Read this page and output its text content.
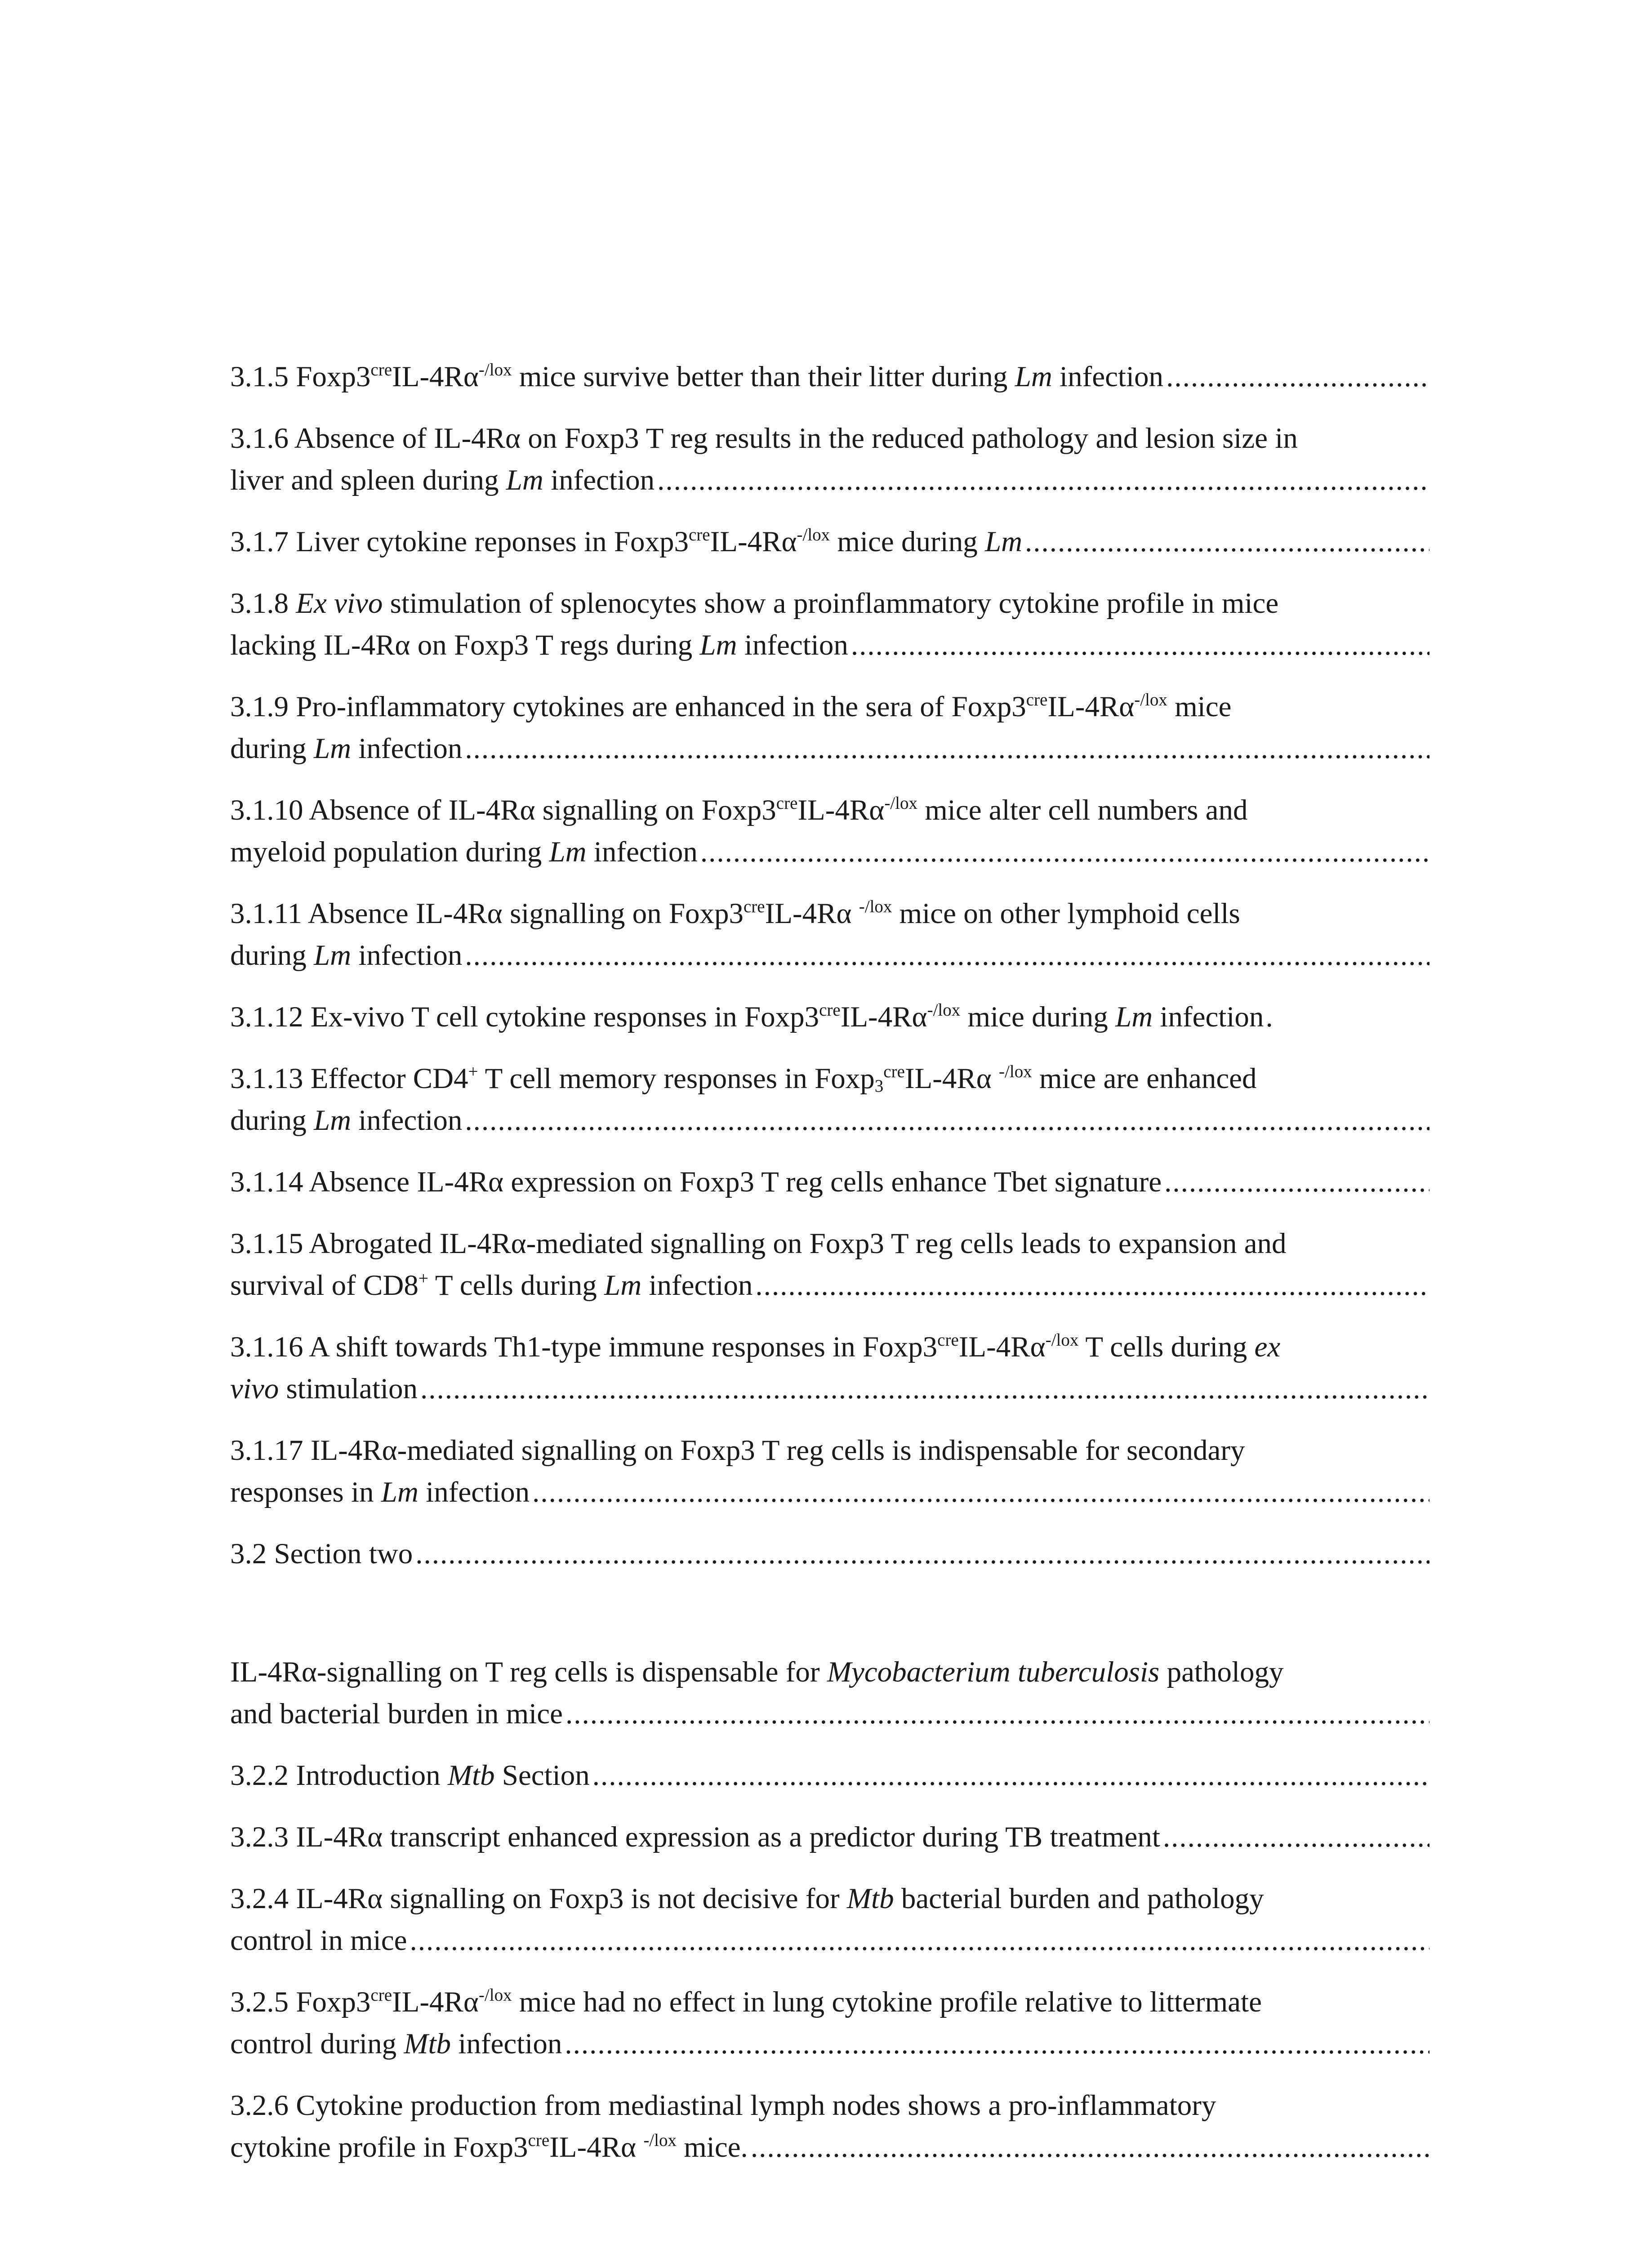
3.1.5 $Foxp3^{cre}IL-4R\alpha^{-/lox}$ mice survive better than their litter during Lm infection
.....
3.1.6 Absence of IL-4Rα on Foxp3 T reg results in the reduced pathology and lesion size in
liver and spleen during Lm infection
.....
3.1.7 Liver cytokine reponses in $Foxp3^{cre}IL-4R\alpha^{-/lox}$ mice during Lm
.....
3.1.8 Ex vivo stimulation of splenocytes show a proinflammatory cytokine profile in mice
lacking IL-4Rα on Foxp3 T regs during Lm infection
.....
3.1.9 Pro-inflammatory cytokines are enhanced in the sera of $Foxp3^{cre}IL-4R\alpha^{-/lox}$ mice
during Lm infection
.....
3.1.10 Absence of IL-4Rα signalling on $Foxp3^{cre}IL-4R\alpha^{-/lox}$ mice alter cell numbers and
myeloid population during Lm infection
.....
3.1.11 Absence IL-4Rα signalling on $Foxp3^{cre}IL-4R\alpha$ $^{-/lox}$ mice on other lymphoid cells
during Lm infection
.....
3.1.12 Ex-vivo T cell cytokine responses in $Foxp3^{cre}IL-4R\alpha^{-/lox}$ mice during Lm infection .
3.1.13 Effector CD4+ T cell memory responses in Foxp$_3^{cre}$IL-4Rα $^{-/lox}$ mice are enhanced
during Lm infection
.....
3.1.14 Absence IL-4Rα expression on Foxp3 T reg cells enhance Tbet signature
.....
3.1.15 Abrogated IL-4Rα-mediated signalling on Foxp3 T reg cells leads to expansion and
survival of CD8+ T cells during Lm infection
.....
3.1.16 A shift towards Th1-type immune responses in $Foxp3^{cre}IL-4R\alpha^{-/lox}$ T cells during ex
vivo stimulation
.....
3.1.17 IL-4Rα-mediated signalling on Foxp3 T reg cells is indispensable for secondary
responses in Lm infection
.....
3.2 Section two
.....
IL-4Rα-signalling on T reg cells is dispensable for Mycobacterium tuberculosis pathology
and bacterial burden in mice
.....
3.2.2 Introduction Mtb Section
.....
3.2.3 IL-4Rα transcript enhanced expression as a predictor during TB treatment
.....
3.2.4 IL-4Rα signalling on Foxp3 is not decisive for Mtb bacterial burden and pathology
control in mice
.....
3.2.5 $Foxp3^{cre}IL-4R\alpha^{-/lox}$ mice had no effect in lung cytokine profile relative to littermate
control during Mtb infection
.....
3.2.6 Cytokine production from mediastinal lymph nodes shows a pro-inflammatory
cytokine profile in $Foxp3^{cre}IL-4R\alpha$ $^{-/lox}$ mice.
.....
